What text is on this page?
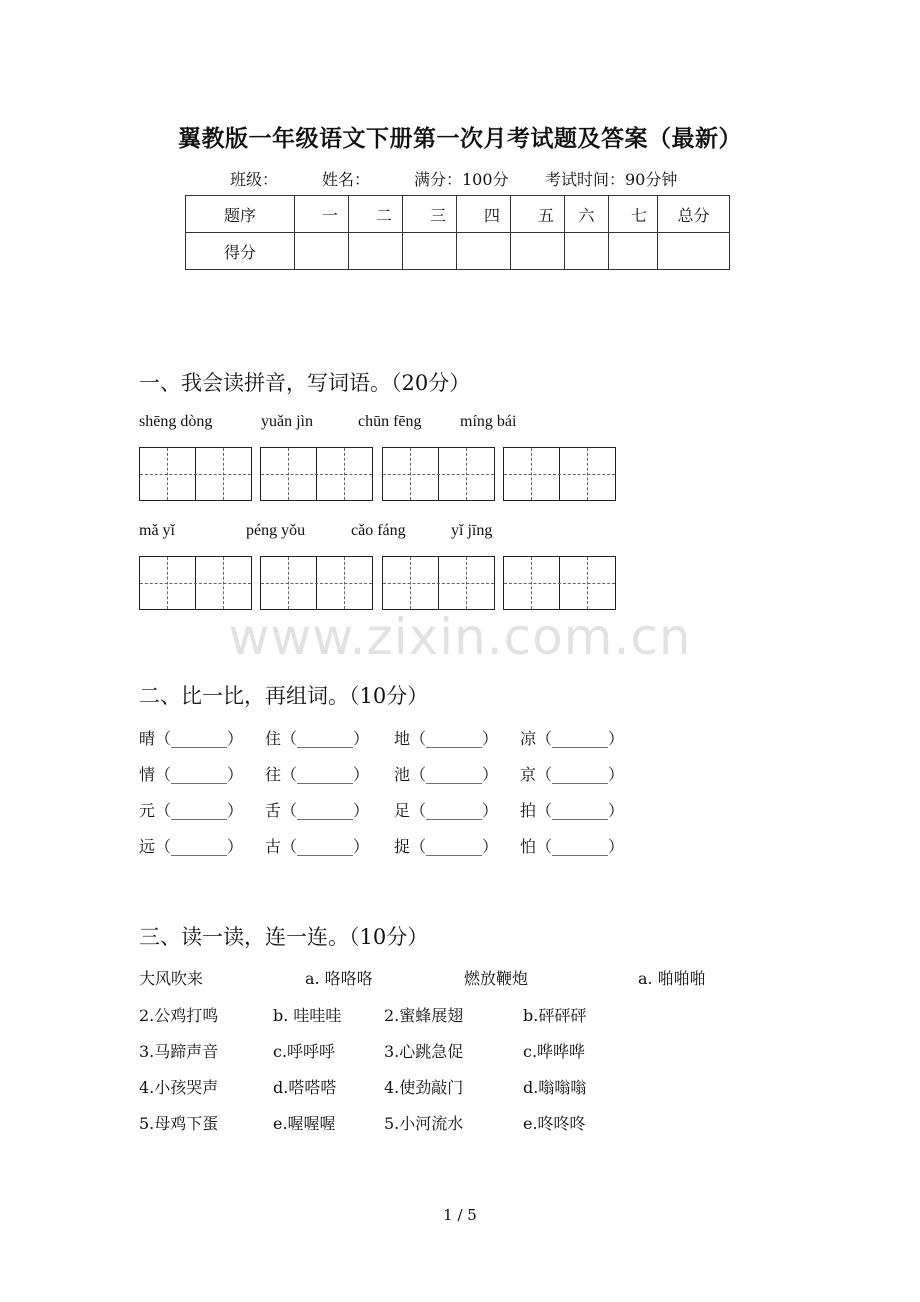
翼教版一年级语文下册第一次月考试题及答案（最新）
班级：	姓名：	满分：100分 考试时间：90分钟
题序	一	二	三	四	五	六	七	总分
得分								
一、我会读拼音，写词语。（20分）
shēng dòng	yuǎn jìn	chūn fēng míng bái
mǎ yǐ	péng yǒu	cǎo fáng	yǐ jīng
www.zixin.com.cn
二、比一比，再组词。（10分）
晴（_______） 住（_______） 地（_______） 凉（_______）
情（_______） 往（_______） 池（_______） 京（_______）
元（_______） 舌（_______） 足（_______） 拍（_______）
远（_______） 古（_______） 捉（_______） 怕（_______）
三、读一读，连一连。（10分）
大风吹来	a. 咯咯咯	燃放鞭炮	a. 啪啪啪
2.公鸡打鸣	b. 哇哇哇	2.蜜蜂展翅	b.砰砰砰
3.马蹄声音	c.呼呼呼	3.心跳急促	c.哗哗哗
4.小孩哭声	d.嗒嗒嗒	4.使劲敲门	d.嗡嗡嗡
5.母鸡下蛋	e.喔喔喔	5.小河流水	e.咚咚咚
1 / 5
